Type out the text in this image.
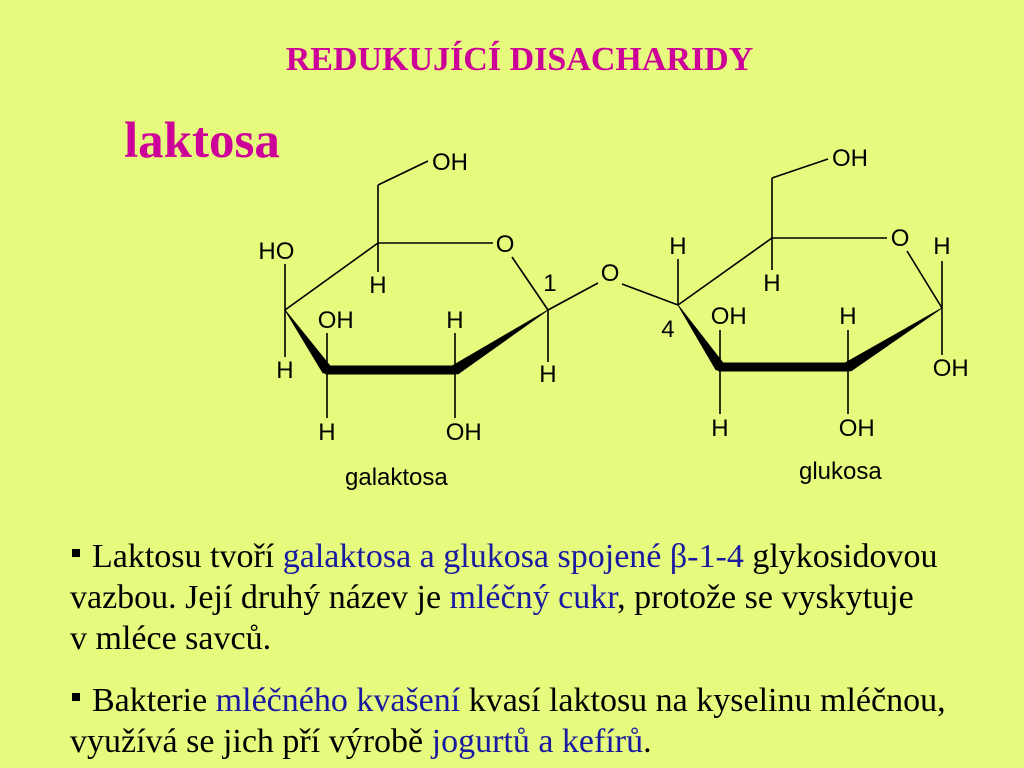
REDUKUJÍCÍ DISACHARIDY
laktosa	OH
HO	O
1
H
H
OH	H
H
H	OH
galaktosa
O
H
4
OH
O H
OH
H
OH	H
H	OH
glukosa
Laktosu tvoří galaktosa a glukosa spojené β-1-4 glykosidovou
vazbou. Její druhý název je mléčný cukr, protože se vyskytuje
v mléce savců.
Bakterie mléčného kvašení kvasí laktosu na kyselinu mléčnou,
využívá se jich pří výrobě jogurtů a kefírů.
